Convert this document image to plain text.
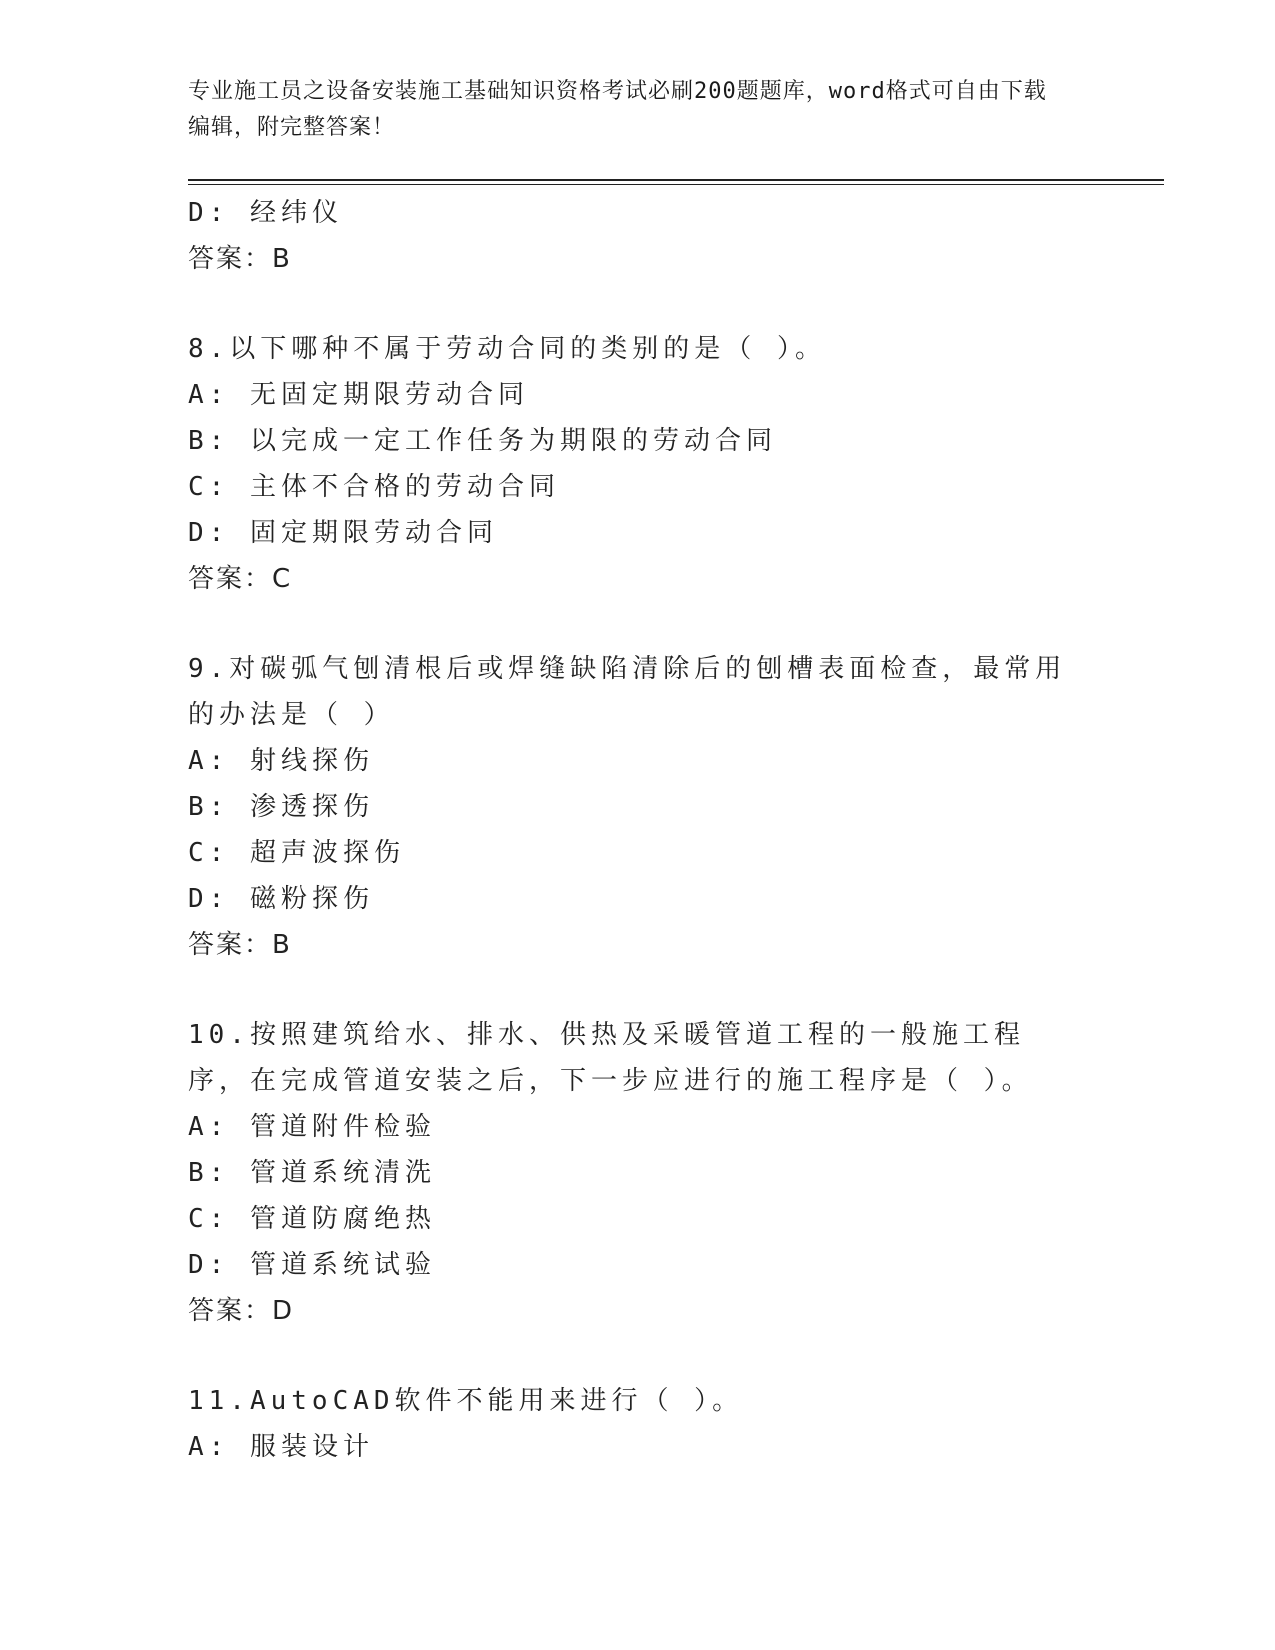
专业施工员之设备安装施工基础知识资格考试必刷200题题库，word格式可自由下载编辑，附完整答案！
D: 经纬仪
答案：B
8.以下哪种不属于劳动合同的类别的是（ ）。
A: 无固定期限劳动合同
B: 以完成一定工作任务为期限的劳动合同
C: 主体不合格的劳动合同
D: 固定期限劳动合同
答案：C
9.对碳弧气刨清根后或焊缝缺陷清除后的刨槽表面检查，最常用的办法是（ ）
A: 射线探伤
B: 渗透探伤
C: 超声波探伤
D: 磁粉探伤
答案：B
10.按照建筑给水、排水、供热及采暖管道工程的一般施工程序，在完成管道安装之后，下一步应进行的施工程序是（ ）。
A: 管道附件检验
B: 管道系统清洗
C: 管道防腐绝热
D: 管道系统试验
答案：D
11.AutoCAD软件不能用来进行（ ）。
A: 服装设计
